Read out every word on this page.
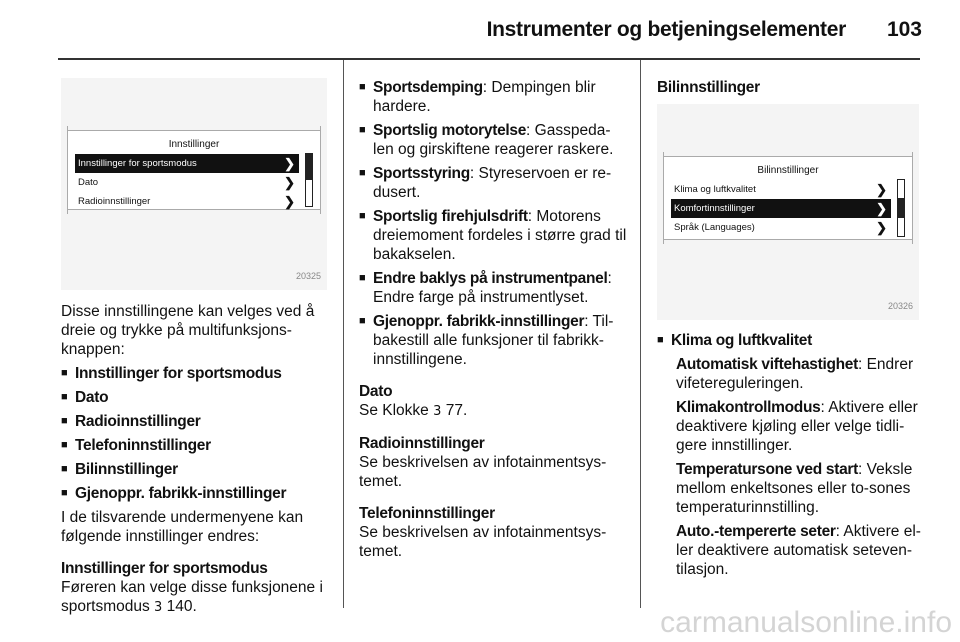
Instrumenter og betjeningselementer 103
Innstillinger
Innstillinger for sportsmodus	❯
Dato	❯
Radioinnstillinger	❯
20325

Disse innstillingene kan velges ved å dreie og trykke på multifunksjons-knappen:

■ Innstillinger for sportsmodus

■ Dato

■ Radioinnstillinger

■ Telefoninnstillinger

■ Bilinnstillinger

■ Gjenoppr. fabrikk-innstillinger

I de tilsvarende undermenyene kan følgende innstillinger endres:

Innstillinger for sportsmodus

Føreren kan velge disse funksjonene i sportsmodus 3 140.

■ Sportsdemping: Dempingen blir hardere.

■ Sportslig motorytelse: Gasspeda-len og girskiftene reagerer raskere.

■ Sportsstyring: Styreservoen er re-dusert.

■ Sportslig firehjulsdrift: Motorens dreiemoment fordeles i større grad til bakakselen.

■ Endre baklys på instrumentpanel: Endre farge på instrumentlyset.

■ Gjenoppr. fabrikk-innstillinger: Til-bakestill alle funksjoner til fabrikk-innstillingene.

Dato

Se Klokke 3 77.

Radioinnstillinger

Se beskrivelsen av infotainmentsys-temet.

Telefoninnstillinger

Se beskrivelsen av infotainmentsys-temet.

Bilinnstillinger

Bilinnstillinger
Klima og luftkvalitet	❯
Komfortinnstillinger	❯
Språk (Languages)	❯
20326

■ Klima og luftkvalitet

Automatisk viftehastighet: Endrer vifetereguleringen.

Klimakontrollmodus: Aktivere eller deaktivere kjøling eller velge tidli-gere innstillinger.

Temperatursone ved start: Veksle mellom enkeltsones eller to-sones temperaturinnstilling.

Auto.-tempererte seter: Aktivere el-ler deaktivere automatisk seteven-tilasjon.

carmanualsonline.info
